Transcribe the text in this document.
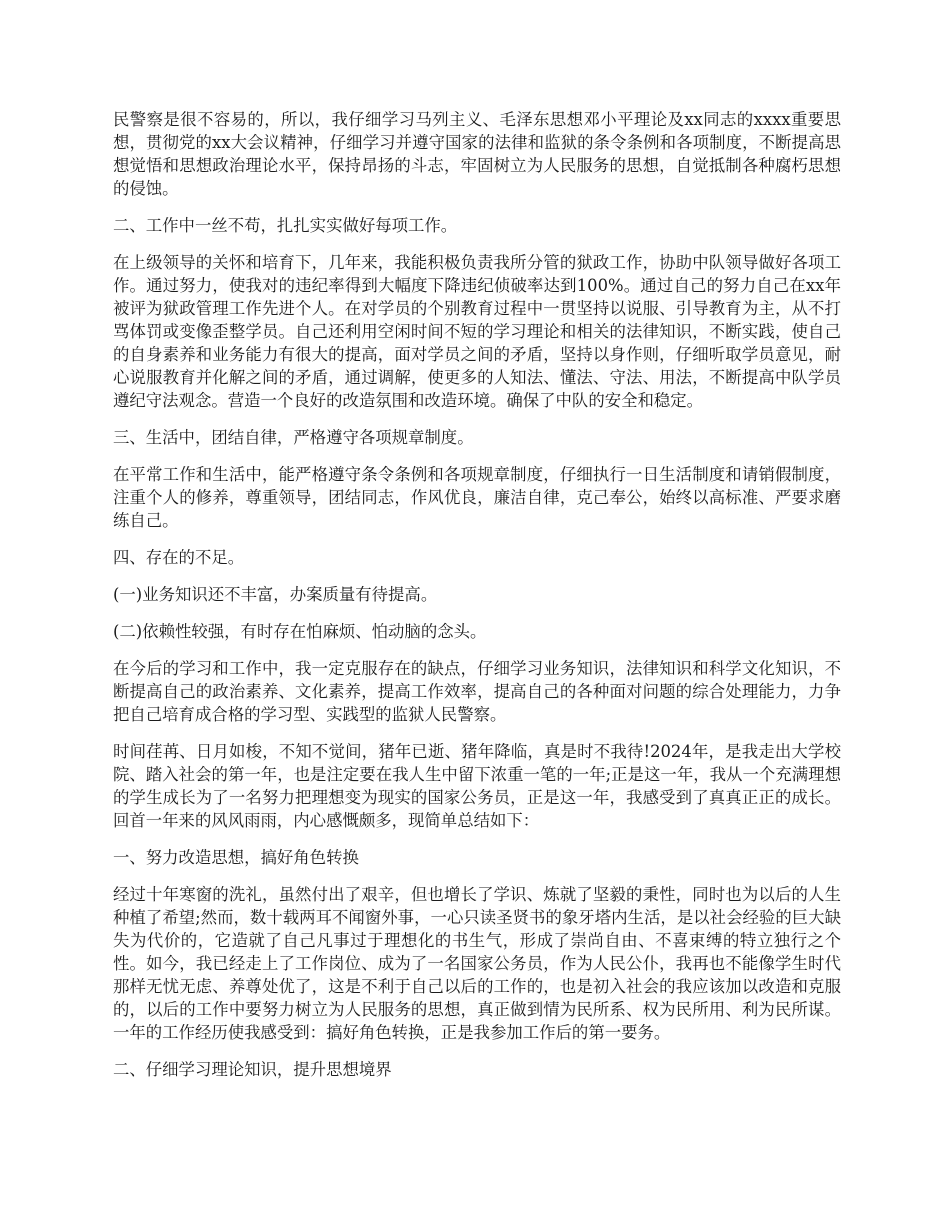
民警察是很不容易的，所以，我仔细学习马列主义、毛泽东思想邓小平理论及xx同志的xxxx重要思想，贯彻党的xx大会议精神，仔细学习并遵守国家的法律和监狱的条令条例和各项制度，不断提高思想觉悟和思想政治理论水平，保持昂扬的斗志，牢固树立为人民服务的思想，自觉抵制各种腐朽思想的侵蚀。

二、工作中一丝不苟，扎扎实实做好每项工作。

在上级领导的关怀和培育下，几年来，我能积极负责我所分管的狱政工作，协助中队领导做好各项工作。通过努力，使我对的违纪率得到大幅度下降违纪侦破率达到100%。通过自己的努力自己在xx年被评为狱政管理工作先进个人。在对学员的个别教育过程中一贯坚持以说服、引导教育为主，从不打骂体罚或变像歪整学员。自己还利用空闲时间不短的学习理论和相关的法律知识，不断实践，使自己的自身素养和业务能力有很大的提高，面对学员之间的矛盾，坚持以身作则，仔细听取学员意见，耐心说服教育并化解之间的矛盾，通过调解，使更多的人知法、懂法、守法、用法，不断提高中队学员遵纪守法观念。营造一个良好的改造氛围和改造环境。确保了中队的安全和稳定。

三、生活中，团结自律，严格遵守各项规章制度。

在平常工作和生活中，能严格遵守条令条例和各项规章制度，仔细执行一日生活制度和请销假制度，注重个人的修养，尊重领导，团结同志，作风优良，廉洁自律，克己奉公，始终以高标准、严要求磨练自己。

四、存在的不足。

(一)业务知识还不丰富，办案质量有待提高。

(二)依赖性较强，有时存在怕麻烦、怕动脑的念头。

在今后的学习和工作中，我一定克服存在的缺点，仔细学习业务知识，法律知识和科学文化知识，不断提高自己的政治素养、文化素养，提高工作效率，提高自己的各种面对问题的综合处理能力，力争把自己培育成合格的学习型、实践型的监狱人民警察。

时间荏苒、日月如梭，不知不觉间，猪年已逝、猪年降临，真是时不我待!2024年，是我走出大学校院、踏入社会的第一年，也是注定要在我人生中留下浓重一笔的一年;正是这一年，我从一个充满理想的学生成长为了一名努力把理想变为现实的国家公务员，正是这一年，我感受到了真真正正的成长。回首一年来的风风雨雨，内心感慨颇多，现简单总结如下：

一、努力改造思想，搞好角色转换

经过十年寒窗的洗礼，虽然付出了艰辛，但也增长了学识、炼就了坚毅的秉性，同时也为以后的人生种植了希望;然而，数十载两耳不闻窗外事，一心只读圣贤书的象牙塔内生活，是以社会经验的巨大缺失为代价的，它造就了自己凡事过于理想化的书生气，形成了崇尚自由、不喜束缚的特立独行之个性。如今，我已经走上了工作岗位、成为了一名国家公务员，作为人民公仆，我再也不能像学生时代那样无忧无虑、养尊处优了，这是不利于自己以后的工作的，也是初入社会的我应该加以改造和克服的，以后的工作中要努力树立为人民服务的思想，真正做到情为民所系、权为民所用、利为民所谋。一年的工作经历使我感受到：搞好角色转换，正是我参加工作后的第一要务。

二、仔细学习理论知识，提升思想境界
